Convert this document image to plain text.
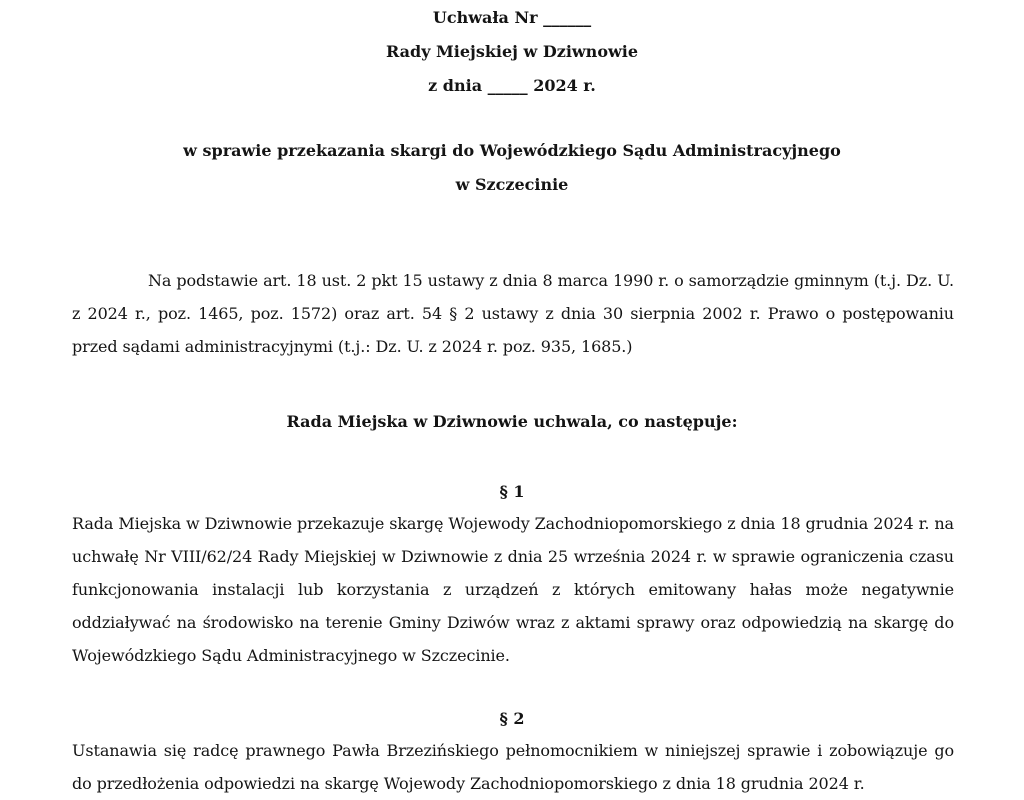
Uchwała Nr ______
Rady Miejskiej w Dziwnowie
z dnia _____ 2024 r.
w sprawie przekazania skargi do Wojewódzkiego Sądu Administracyjnego
w Szczecinie

Na podstawie art. 18 ust. 2 pkt 15 ustawy z dnia 8 marca 1990 r. o samorządzie gminnym (t.j. Dz. U. z 2024 r., poz. 1465, poz. 1572) oraz art. 54 § 2 ustawy z dnia 30 sierpnia 2002 r. Prawo o postępowaniu przed sądami administracyjnymi (t.j.: Dz. U. z 2024 r. poz. 935, 1685.)

Rada Miejska w Dziwnowie uchwala, co następuje:
§ 1

Rada Miejska w Dziwnowie przekazuje skargę Wojewody Zachodniopomorskiego z dnia 18 grudnia 2024 r. na uchwałę Nr VIII/62/24 Rady Miejskiej w Dziwnowie z dnia 25 września 2024 r. w sprawie ograniczenia czasu funkcjonowania instalacji lub korzystania z urządzeń z których emitowany hałas może negatywnie oddziaływać na środowisko na terenie Gminy Dziwów wraz z aktami sprawy oraz odpowiedzią na skargę do Wojewódzkiego Sądu Administracyjnego w Szczecinie.

§ 2

Ustanawia się radcę prawnego Pawła Brzezińskiego pełnomocnikiem w niniejszej sprawie i zobowiązuje go do przedłożenia odpowiedzi na skargę Wojewody Zachodniopomorskiego z dnia 18 grudnia 2024 r.
